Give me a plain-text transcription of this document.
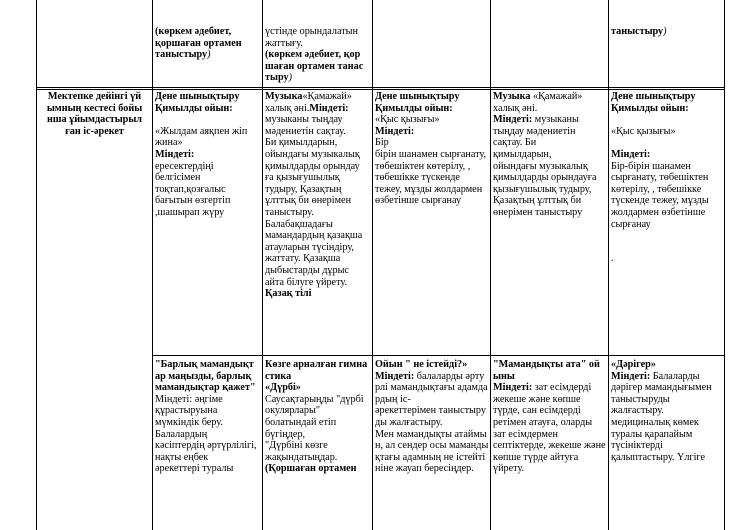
(көркем әдебиет,

қоршаған ортамен

таныстыру)

үстінде орындалатын

жаттығу.

(көркем әдебиет, қор

шаған ортамен танас

тыру)

таныстыру)

Мектепке дейінгі үй

ымның кестесі бойы

нша ұйымдастырыл

ған іс-әрекет

Дене шынықтыру

Қимылды ойын:

«Жылдам аяқпен жіп

жина»

Міндеті:

ересектердіңі

белгісімен

тоқтап,қозғалыс

бағытын өзгертіп

,шашырап жүру

Музыка«Қамажай»

халық әні.Міндеті:

музыканы тыңдау

мәдениетін сақтау.

Би қимылдарын,

ойындағы музыкалық

қимылдарды орындау

ға қызығушылық

тудыру, Қазақтың

ұлттық би өнерімен

таныстыру.

Балабақшадағы

мамандардың қазақша

атауларын түсіндіру,

жаттату. Қазақша

дыбыстарды дұрыс

айта білуге үйрету.

Қазақ тілі

Дене шынықтыру

Қимылды ойын:

«Қыс қызығы»

Міндеті:

Бір

бірін шанамен сырғанату,

төбешіктен көтерілу, ,

төбешікке түскенде

тежеу, мұзды жолдармен

өзбетінше сырғанау

Музыка «Қамажай»

халық әні.

Міндеті: музыканы

тыңдау мәдениетін

сақтау. Би

қимылдарын,

ойындағы музыкалық

қимылдарды орындауға

қызығушылық тудыру,

Қазақтың ұлттық би

өнерімен таныстыру

Дене шынықтыру

Қимылды ойын:

«Қыс қызығы»

Міндеті:

Бір-бірін шанамен

сырғанату, төбешіктен

көтерілу, , төбешікке

түскенде тежеу, мұзды

жолдармен өзбетінше

сырғанау

.

"Барлық мамандықт

ар маңызды, барлық

мамандықтар қажет"

Міндеті: әңгіме

құрастыруына

мүмкіндік беру.

Балалардың

кәсіптердің әртүрлілігі,

нақты еңбек

әрекеттері туралы

Көзге арналған гимна

стика

«Дүрбі»

Саусақтарыңды "дүрбі

окулярлары"

болатындай етіп

бүгіңдер,

"Дүрбіні көзге

жақындатыңдар.

(Қоршаған ортамен

Ойын " не істейді?»

Міндеті: балаларды әрту

рлі мамандықтағы адамда

рдың іс-

әрекеттерімен таныстыру

ды жалғастыру.

Мен мамандықты атаймы

н, ал сендер осы маманды

қтағы адамның не істейті

ніне жауап бересіңдер.

"Мамандықты ата" ой

ыны

Міндеті: зат есімдерді

жекеше және көпше

түрде, сан есімдерді

ретімен атауға, оларды

зат есімдермен

септіктерде, жекеше және

көпше түрде айтуға

үйрету.

«Дәрігер»

Міндеті: Балаларды

дәрігер мамандығымен

таныстыруды

жалғастыру.

медициналық көмек

туралы қарапайым

түсініктерді

қалыптастыру. Үлгіге
